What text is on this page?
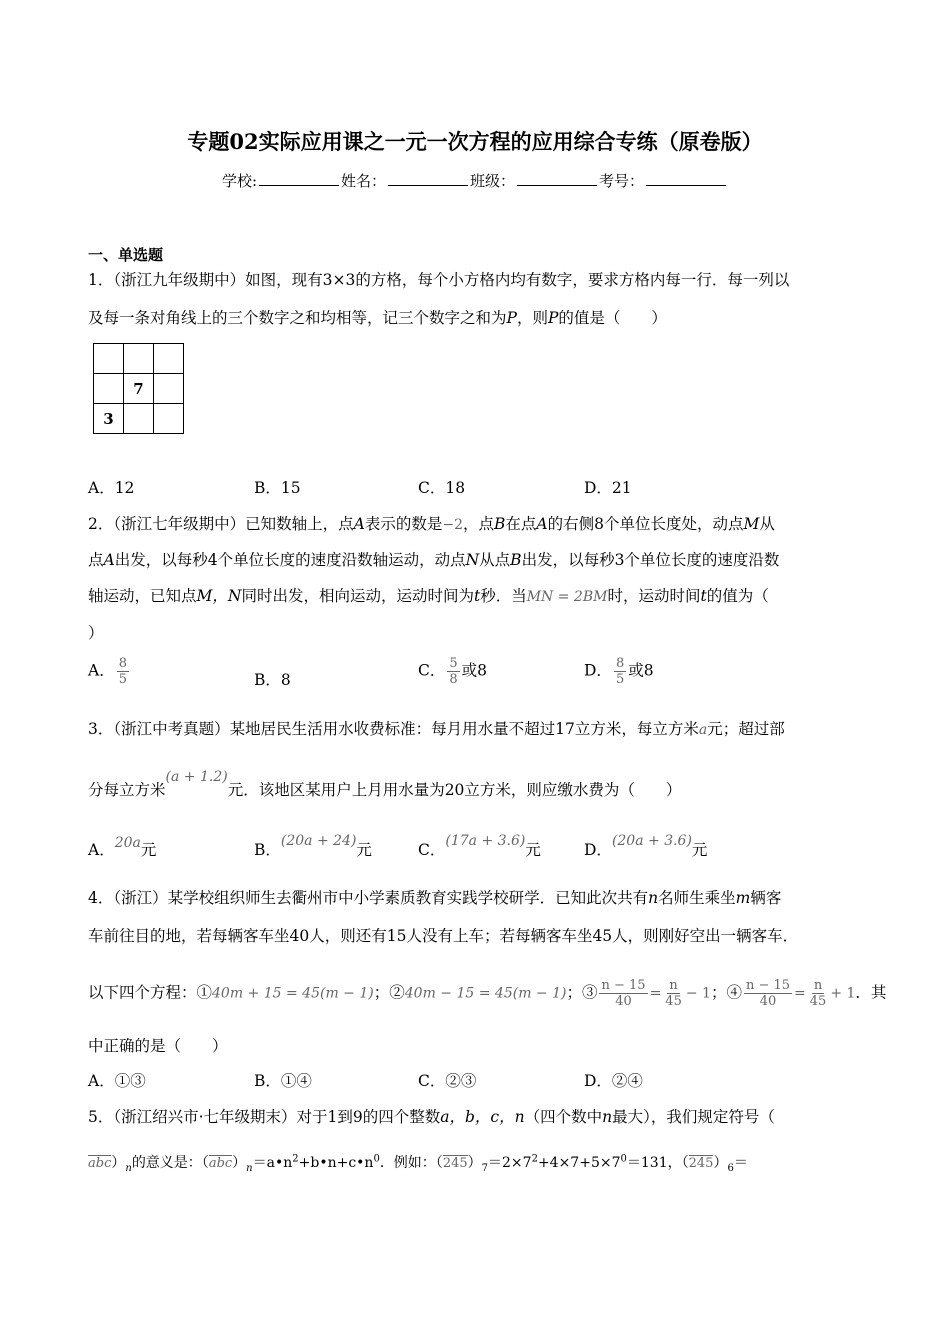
专题02实际应用课之一元一次方程的应用综合专练（原卷版）
学校:	姓名：	班级：	考号：
一、单选题
1．（浙江九年级期中）如图，现有3×3的方格，每个小方格内均有数字，要求方格内每一行．每一列以
及每一条对角线上的三个数字之和均相等，记三个数字之和为P，则P的值是（　　）

	7	
3		
A．12	B．15	C．18	D．21
2．（浙江七年级期中）已知数轴上，点A表示的数是−2，点B在点A的右侧8个单位长度处，动点M从
点A出发，以每秒4个单位长度的速度沿数轴运动，动点N从点B出发，以每秒3个单位长度的速度沿数
轴运动，已知点M，N同时出发，相向运动，运动时间为t秒．当MN = 2BM时，运动时间t的值为（
）
A． $\frac{8}{5}$	B．8
C． $\frac{5}{8}$ 或8	D． $\frac{8}{5}$ 或8
3．（浙江中考真题）某地居民生活用水收费标准：每月用水量不超过17立方米，每立方米a元；超过部
分每立方米(a + 1.2)元．该地区某用户上月用水量为20立方米，则应缴水费为（　　）
A．20a元	B．(20a + 24)元	C．(17a + 3.6)元	D．(20a + 3.6)元
4．（浙江）某学校组织师生去衢州市中小学素质教育实践学校研学．已知此次共有n名师生乘坐m辆客
车前往目的地，若每辆客车坐40人，则还有15人没有上车；若每辆客车坐45人，则刚好空出一辆客车．
以下四个方程：①40m + 15 = 45(m − 1)；②40m − 15 = 45(m − 1)；③ $\frac{n - 15}{40} = \frac{n}{45} - 1$；④ $\frac{n - 15}{40} = \frac{n}{45} + 1$．其
中正确的是（　　）
A．①③	B．①④	C．②③	D．②④
5．（浙江绍兴市·七年级期末）对于1到9的四个整数a，b，c，n（四个数中n最大），我们规定符号（
$abc)_n$的意义是：$(abc)_n=a•n^2+b•n+c•n^0$．例如：$(245)_7=2\times 7^2+4\times 7+5\times 7^0=131$，$(245)_6=$
